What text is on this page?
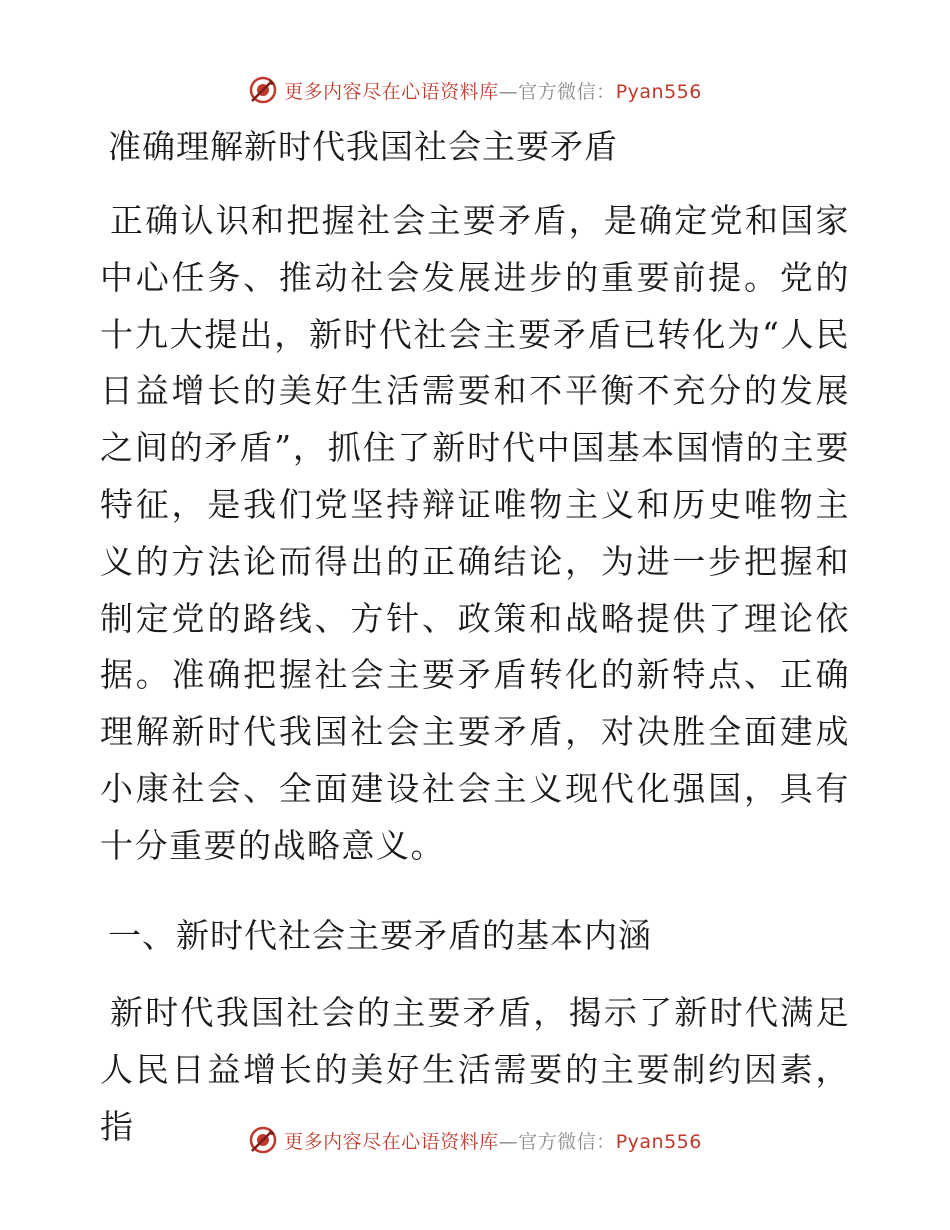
更多内容尽在心语资料库—官方微信：Pyan556
准确理解新时代我国社会主要矛盾

正确认识和把握社会主要矛盾，是确定党和国家中心任务、推动社会发展进步的重要前提。党的十九大提出，新时代社会主要矛盾已转化为“人民日益增长的美好生活需要和不平衡不充分的发展之间的矛盾”，抓住了新时代中国基本国情的主要特征，是我们党坚持辩证唯物主义和历史唯物主义的方法论而得出的正确结论，为进一步把握和制定党的路线、方针、政策和战略提供了理论依据。准确把握社会主要矛盾转化的新特点、正确理解新时代我国社会主要矛盾，对决胜全面建成小康社会、全面建设社会主义现代化强国，具有十分重要的战略意义。

一、新时代社会主要矛盾的基本内涵

新时代我国社会的主要矛盾，揭示了新时代满足人民日益增长的美好生活需要的主要制约因素，指	更多内容尽在心语资料库—官方微信：Pyan556
